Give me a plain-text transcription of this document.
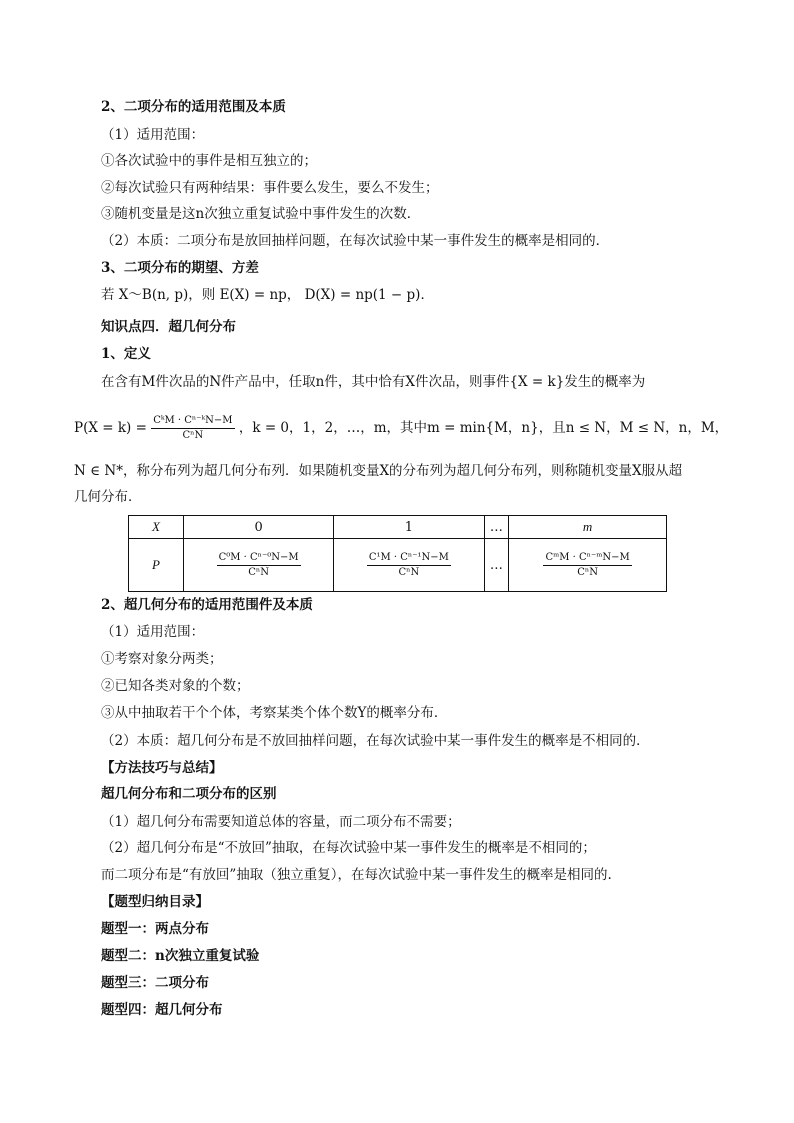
2、二项分布的适用范围及本质
（1）适用范围：
①各次试验中的事件是相互独立的；
②每次试验只有两种结果：事件要么发生，要么不发生；
③随机变量是这n次独立重复试验中事件发生的次数．
（2）本质：二项分布是放回抽样问题，在每次试验中某一事件发生的概率是相同的．
3、二项分布的期望、方差
若 X～B(n, p)，则 E(X) = np， D(X) = np(1 − p)．
知识点四．超几何分布
1、定义
在含有M件次品的N件产品中，任取n件，其中恰有X件次品，则事件{X = k}发生的概率为
$P(X = k) = \frac{\text{CᵏM · Cⁿ⁻ᵏN−M}}{\text{CⁿN}}$ ，k = 0，1，2，…，m，其中m = min{M，n}，且n ≤ N，M ≤ N，n，M，
N ∈ N*，称分布列为超几何分布列．如果随机变量X的分布列为超几何分布列，则称随机变量X服从超
几何分布．
X	0	1	…	m
P	$\frac{\text{C⁰M · Cⁿ⁻⁰N−M}}{\text{CⁿN}}$	$\frac{\text{C¹M · Cⁿ⁻¹N−M}}{\text{CⁿN}}$	…	$\frac{\text{CᵐM · Cⁿ⁻ᵐN−M}}{\text{CⁿN}}$
2、超几何分布的适用范围件及本质
（1）适用范围：
①考察对象分两类；
②已知各类对象的个数；
③从中抽取若干个个体，考察某类个体个数Y的概率分布．
（2）本质：超几何分布是不放回抽样问题，在每次试验中某一事件发生的概率是不相同的．
【方法技巧与总结】
超几何分布和二项分布的区别
（1）超几何分布需要知道总体的容量，而二项分布不需要；
（2）超几何分布是“不放回”抽取，在每次试验中某一事件发生的概率是不相同的；
而二项分布是“有放回”抽取（独立重复），在每次试验中某一事件发生的概率是相同的.
【题型归纳目录】
题型一：两点分布
题型二：n次独立重复试验
题型三：二项分布
题型四：超几何分布
